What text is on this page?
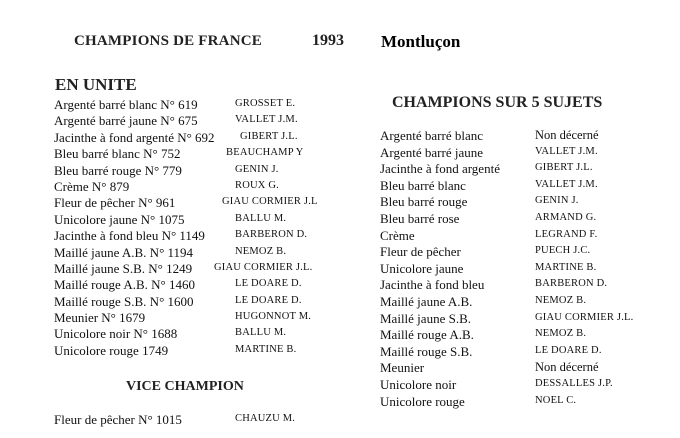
CHAMPIONS DE FRANCE	1993 Montluçon
EN UNITE
Argenté barré blanc N° 619	GROSSET E.
Argenté barré jaune N° 675	VALLET J.M.
Jacinthe à fond argenté N° 692 GIBERT J.L.
Bleu barré blanc N° 752	BEAUCHAMP Y
Bleu barré rouge N° 779	GENIN J.
Crème N° 879	ROUX G.
Fleur de pêcher N° 961	GIAU CORMIER J.L
Unicolore jaune N° 1075	BALLU M.
Jacinthe à fond bleu N° 1149	BARBERON D.
Maillé jaune A.B. N° 1194	NEMOZ B.
Maillé jaune S.B. N° 1249 GIAU CORMIER J.L.
Maillé rouge A.B. N° 1460	LE DOARE D.
Maillé rouge S.B. N° 1600	LE DOARE D.
Meunier N° 1679	HUGONNOT M.
Unicolore noir N° 1688	BALLU M.
Unicolore rouge 1749	MARTINE B.
VICE CHAMPION
Fleur de pêcher N° 1015	CHAUZU M.
CHAMPIONS SUR 5 SUJETS
Argenté barré blanc	Non décerné
Argenté barré jaune	VALLET J.M.
Jacinthe à fond argenté	GIBERT J.L.
Bleu barré blanc	VALLET J.M.
Bleu barré rouge	GENIN J.
Bleu barré rose	ARMAND G.
Crème	LEGRAND F.
Fleur de pêcher	PUECH J.C.
Unicolore jaune	MARTINE B.
Jacinthe à fond bleu	BARBERON D.
Maillé jaune A.B.	NEMOZ B.
Maillé jaune S.B.	GIAU CORMIER J.L.
Maillé rouge A.B.	NEMOZ B.
Maillé rouge S.B.	LE DOARE D.
Meunier	Non décerné
Unicolore noir	DESSALLES J.P.
Unicolore rouge	NOEL C.
